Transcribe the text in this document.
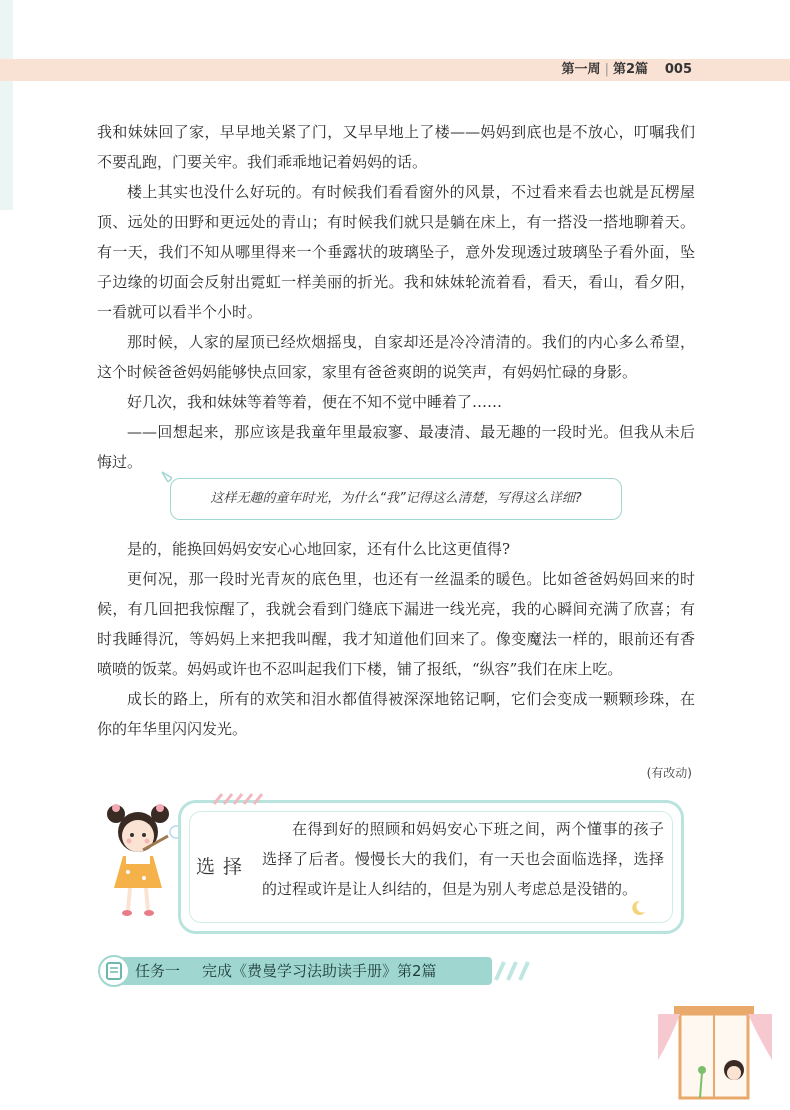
第一周 | 第2篇 005

我和妹妹回了家，早早地关紧了门，又早早地上了楼——妈妈到底也是不放心，叮嘱我们不要乱跑，门要关牢。我们乖乖地记着妈妈的话。

楼上其实也没什么好玩的。有时候我们看看窗外的风景，不过看来看去也就是瓦楞屋顶、远处的田野和更远处的青山；有时候我们就只是躺在床上，有一搭没一搭地聊着天。有一天，我们不知从哪里得来一个垂露状的玻璃坠子，意外发现透过玻璃坠子看外面，坠子边缘的切面会反射出霓虹一样美丽的折光。我和妹妹轮流着看，看天，看山，看夕阳，一看就可以看半个小时。

那时候，人家的屋顶已经炊烟摇曳，自家却还是冷冷清清的。我们的内心多么希望，这个时候爸爸妈妈能够快点回家，家里有爸爸爽朗的说笑声，有妈妈忙碌的身影。

好几次，我和妹妹等着等着，便在不知不觉中睡着了……

——回想起来，那应该是我童年里最寂寥、最凄清、最无趣的一段时光。但我从未后悔过。

这样无趣的童年时光，为什么“我”记得这么清楚，写得这么详细?

是的，能换回妈妈安安心心地回家，还有什么比这更值得?

更何况，那一段时光青灰的底色里，也还有一丝温柔的暖色。比如爸爸妈妈回来的时候，有几回把我惊醒了，我就会看到门缝底下漏进一线光亮，我的心瞬间充满了欣喜；有时我睡得沉，等妈妈上来把我叫醒，我才知道他们回来了。像变魔法一样的，眼前还有香喷喷的饭菜。妈妈或许也不忍叫起我们下楼，铺了报纸，“纵容”我们在床上吃。

成长的路上，所有的欢笑和泪水都值得被深深地铭记啊，它们会变成一颗颗珍珠，在你的年华里闪闪发光。

(有改动)
选择
在得到好的照顾和妈妈安心下班之间，两个懂事的孩子选择了后者。慢慢长大的我们，有一天也会面临选择，选择的过程或许是让人纠结的，但是为别人考虑总是没错的。
任务一 完成《费曼学习法助读手册》第2篇
